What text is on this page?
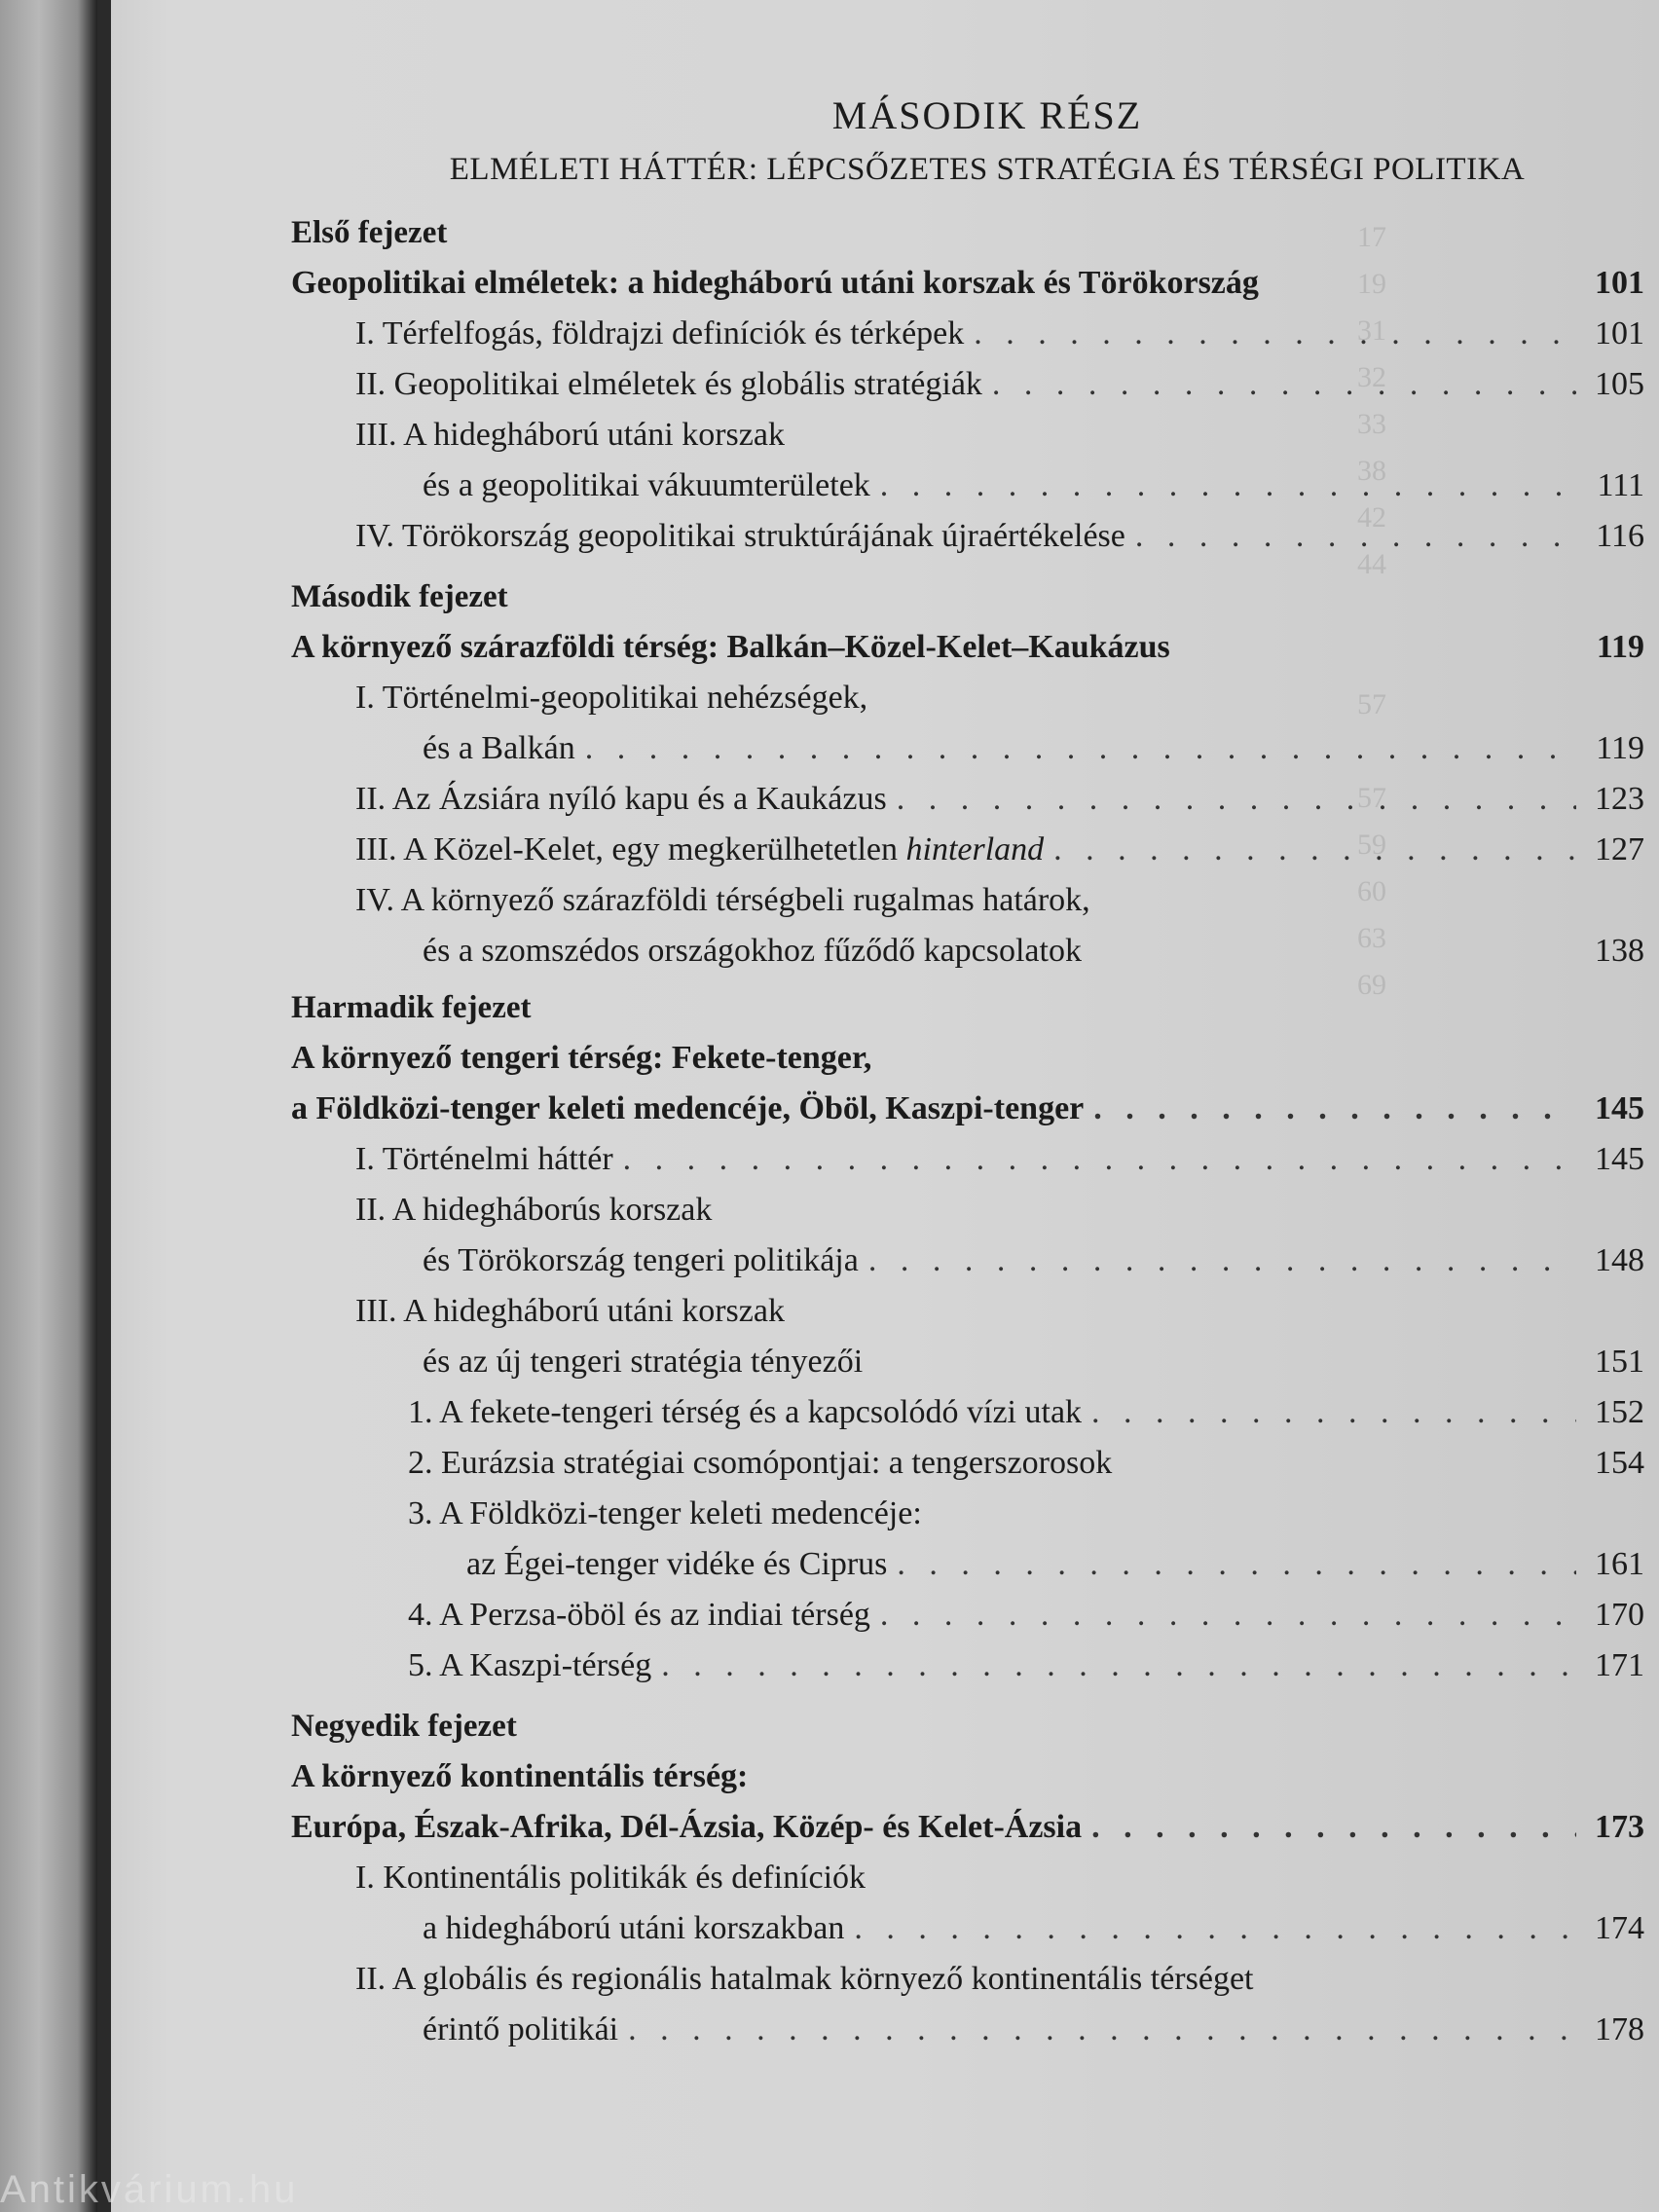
17
19
31
32
33
38
42
44

57

57
59
60
63
69
MÁSODIK RÉSZ
ELMÉLETI HÁTTÉR: LÉPCSŐZETES STRATÉGIA ÉS TÉRSÉGI POLITIKA
Első fejezet
Geopolitikai elméletek: a hidegháború utáni korszak és Törökország	101
I. Térfelfogás, földrajzi definíciók és térképek . . .	101
II. Geopolitikai elméletek és globális stratégiák . . .	105
III. A hidegháború utáni korszak
és a geopolitikai vákuumterületek . . .	111
IV. Törökország geopolitikai struktúrájának újraértékelése . . .	116
Második fejezet
A környező szárazföldi térség: Balkán–Közel-Kelet–Kaukázus	119
I. Történelmi-geopolitikai nehézségek,
és a Balkán . . .	119
II. Az Ázsiára nyíló kapu és a Kaukázus . . .	123
III. A Közel-Kelet, egy megkerülhetetlen hinterland . . .	127
IV. A környező szárazföldi térségbeli rugalmas határok,
és a szomszédos országokhoz fűződő kapcsolatok	138
Harmadik fejezet
A környező tengeri térség: Fekete-tenger,
a Földközi-tenger keleti medencéje, Öböl, Kaszpi-tenger . . .	145
I. Történelmi háttér . . .	145
II. A hidegháborús korszak
és Törökország tengeri politikája . . .	148
III. A hidegháború utáni korszak
és az új tengeri stratégia tényezői	151
1. A fekete-tengeri térség és a kapcsolódó vízi utak . . .	152
2. Eurázsia stratégiai csomópontjai: a tengerszorosok	154
3. A Földközi-tenger keleti medencéje:
az Égei-tenger vidéke és Ciprus . . .	161
4. A Perzsa-öböl és az indiai térség . . .	170
5. A Kaszpi-térség . . .	171
Negyedik fejezet
A környező kontinentális térség:
Európa, Észak-Afrika, Dél-Ázsia, Közép- és Kelet-Ázsia . . .	173
I. Kontinentális politikák és definíciók
a hidegháború utáni korszakban . . .	174
II. A globális és regionális hatalmak környező kontinentális térséget
érintő politikái . . .	178
Antikvárium.hu
